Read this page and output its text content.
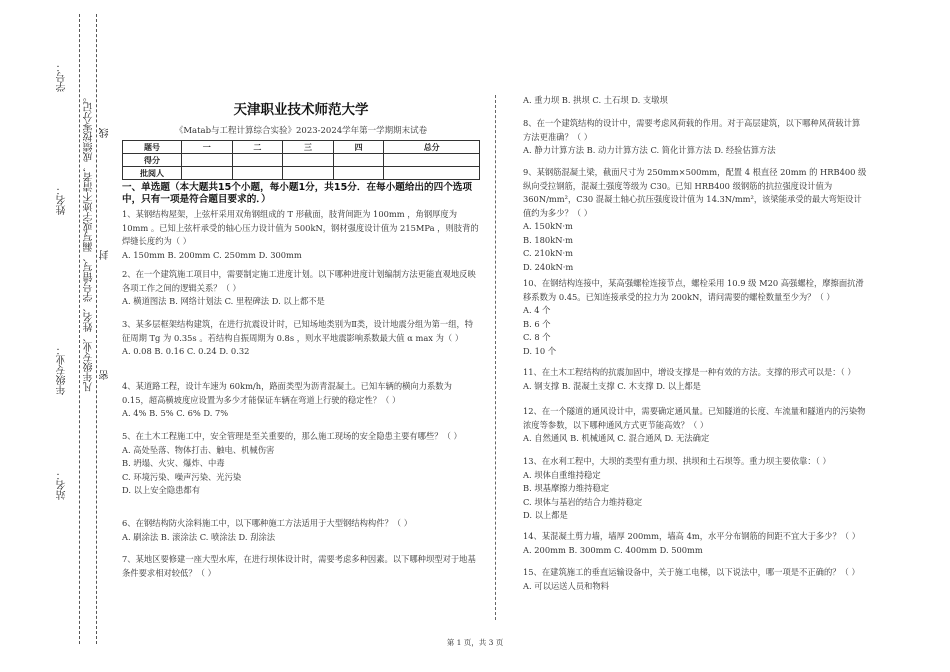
学号：
姓名： 凡年级专业、姓名、学号错写、漏写或字迹不清者，成绩按零分记。
年级专业：
站名：
线
封
密
天津职业技术师范大学
《Matab与工程计算综合实验》2023-2024学年第一学期期末试卷
题号	一	二	三	四	总分
得分					
批阅人					
一、单选题（本大题共15个小题，每小题1分，共15分．在每小题给出的四个选项中，只有一项是符合题目要求的．）

1、某钢结构屋架，上弦杆采用双角钢组成的 T 形截面，肢背间距为 100mm ，角钢厚度为 10mm 。已知上弦杆承受的轴心压力设计值为 500kN，钢材强度设计值为 215MPa ，则肢背的焊缝长度约为（ ）

A. 150mm B. 200mm C. 250mm D. 300mm

2、在一个建筑施工项目中，需要制定施工进度计划。以下哪种进度计划编制方法更能直观地反映各项工作之间的逻辑关系？（ ）

A. 横道图法 B. 网络计划法 C. 里程碑法 D. 以上都不是

3、某多层框架结构建筑，在进行抗震设计时，已知场地类别为Ⅱ类，设计地震分组为第一组，特征周期 Tg 为 0.35s 。若结构自振周期为 0.8s ，则水平地震影响系数最大值 α max 为（ ）

A. 0.08 B. 0.16 C. 0.24 D. 0.32

4、某道路工程，设计车速为 60km/h，路面类型为沥青混凝土。已知车辆的横向力系数为 0.15，超高横坡度应设置为多少才能保证车辆在弯道上行驶的稳定性？（ ）

A. 4% B. 5% C. 6% D. 7%

5、在土木工程施工中，安全管理是至关重要的，那么施工现场的安全隐患主要有哪些？（ ）

A. 高处坠落、物体打击、触电、机械伤害

B. 坍塌、火灾、爆炸、中毒

C. 环境污染、噪声污染、光污染

D. 以上安全隐患都有

6、在钢结构防火涂料施工中，以下哪种施工方法适用于大型钢结构构件？（ ）

A. 刷涂法 B. 滚涂法 C. 喷涂法 D. 刮涂法

7、某地区要修建一座大型水库，在进行坝体设计时，需要考虑多种因素。以下哪种坝型对于地基条件要求相对较低？（ ）

A. 重力坝 B. 拱坝 C. 土石坝 D. 支墩坝

8、在一个建筑结构的设计中，需要考虑风荷载的作用。对于高层建筑，以下哪种风荷载计算方法更准确？（ ）

A. 静力计算方法 B. 动力计算方法 C. 简化计算方法 D. 经验估算方法

9、某钢筋混凝土梁，截面尺寸为 250mm×500mm，配置 4 根直径 20mm 的 HRB400 级纵向受拉钢筋，混凝土强度等级为 C30。已知 HRB400 级钢筋的抗拉强度设计值为 360N/mm²，C30 混凝土轴心抗压强度设计值为 14.3N/mm²，该梁能承受的最大弯矩设计值约为多少？（ ）

A. 150kN·m

B. 180kN·m

C. 210kN·m

D. 240kN·m

10、在钢结构连接中，某高强螺栓连接节点，螺栓采用 10.9 级 M20 高强螺栓，摩擦面抗滑移系数为 0.45。已知连接承受的拉力为 200kN，请问需要的螺栓数量至少为？（ ）

A. 4 个

B. 6 个

C. 8 个

D. 10 个

11、在土木工程结构的抗震加固中，增设支撑是一种有效的方法。支撑的形式可以是：（ ）

A. 钢支撑 B. 混凝土支撑 C. 木支撑 D. 以上都是

12、在一个隧道的通风设计中，需要确定通风量。已知隧道的长度、车流量和隧道内的污染物浓度等参数，以下哪种通风方式更节能高效？（ ）

A. 自然通风 B. 机械通风 C. 混合通风 D. 无法确定

13、在水利工程中，大坝的类型有重力坝、拱坝和土石坝等。重力坝主要依靠：（ ）

A. 坝体自重维持稳定

B. 坝基摩擦力维持稳定

C. 坝体与基岩的结合力维持稳定

D. 以上都是

14、某混凝土剪力墙，墙厚 200mm，墙高 4m，水平分布钢筋的间距不宜大于多少？（ ）

A. 200mm B. 300mm C. 400mm D. 500mm

15、在建筑施工的垂直运输设备中，关于施工电梯，以下说法中，哪一项是不正确的？（ ）

A. 可以运送人员和物料

第 1 页，共 3 页
